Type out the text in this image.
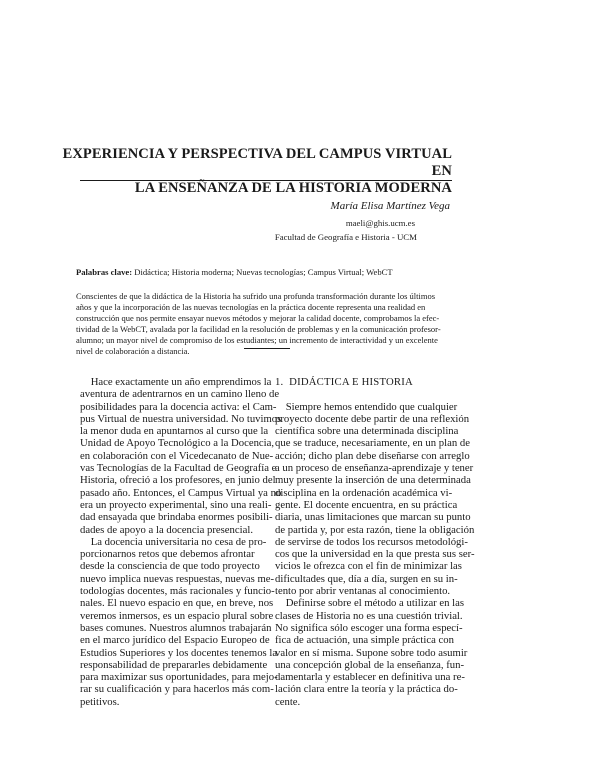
EXPERIENCIA Y PERSPECTIVA DEL CAMPUS VIRTUAL EN
LA ENSEÑANZA DE LA HISTORIA MODERNA
María Elisa Martínez Vega
maeli@ghis.ucm.es
Facultad de Geografía e Historia - UCM
Palabras clave: Didáctica; Historia moderna; Nuevas tecnologías; Campus Virtual; WebCT
Conscientes de que la didáctica de la Historia ha sufrido una profunda transformación durante los últimos
años y que la incorporación de las nuevas tecnologías en la práctica docente representa una realidad en
construcción que nos permite ensayar nuevos métodos y mejorar la calidad docente, comprobamos la efec-
tividad de la WebCT, avalada por la facilidad en la resolución de problemas y en la comunicación profesor-
alumno; un mayor nivel de compromiso de los estudiantes; un incremento de interactividad y un excelente
nivel de colaboración a distancia.
Hace exactamente un año emprendimos la
aventura de adentrarnos en un camino lleno de
posibilidades para la docencia activa: el Cam-
pus Virtual de nuestra universidad. No tuvimos
la menor duda en apuntarnos al curso que la
Unidad de Apoyo Tecnológico a la Docencia,
en colaboración con el Vicedecanato de Nue-
vas Tecnologías de la Facultad de Geografía e
Historia, ofreció a los profesores, en junio del
pasado año. Entonces, el Campus Virtual ya no
era un proyecto experimental, sino una reali-
dad ensayada que brindaba enormes posibili-
dades de apoyo a la docencia presencial.
La docencia universitaria no cesa de pro-
porcionarnos retos que debemos afrontar
desde la consciencia de que todo proyecto
nuevo implica nuevas respuestas, nuevas me-
todologías docentes, más racionales y funcio-
nales. El nuevo espacio en que, en breve, nos
veremos inmersos, es un espacio plural sobre
bases comunes. Nuestros alumnos trabajarán
en el marco jurídico del Espacio Europeo de
Estudios Superiores y los docentes tenemos la
responsabilidad de prepararles debidamente
para maximizar sus oportunidades, para mejo-
rar su cualificación y para hacerlos más com-
petitivos.
1.  DIDÁCTICA E HISTORIA
Siempre hemos entendido que cualquier
proyecto docente debe partir de una reflexión
científica sobre una determinada disciplina
que se traduce, necesariamente, en un plan de
acción; dicho plan debe diseñarse con arreglo
a un proceso de enseñanza-aprendizaje y tener
muy presente la inserción de una determinada
disciplina en la ordenación académica vi-
gente. El docente encuentra, en su práctica
diaria, unas limitaciones que marcan su punto
de partida y, por esta razón, tiene la obligación
de servirse de todos los recursos metodológi-
cos que la universidad en la que presta sus ser-
vicios le ofrezca con el fin de minimizar las
dificultades que, día a día, surgen en su in-
tento por abrir ventanas al conocimiento.
Definirse sobre el método a utilizar en las
clases de Historia no es una cuestión trivial.
No significa sólo escoger una forma especí-
fica de actuación, una simple práctica con
valor en sí misma. Supone sobre todo asumir
una concepción global de la enseñanza, fun-
damentarla y establecer en definitiva una re-
lación clara entre la teoría y la práctica do-
cente.
